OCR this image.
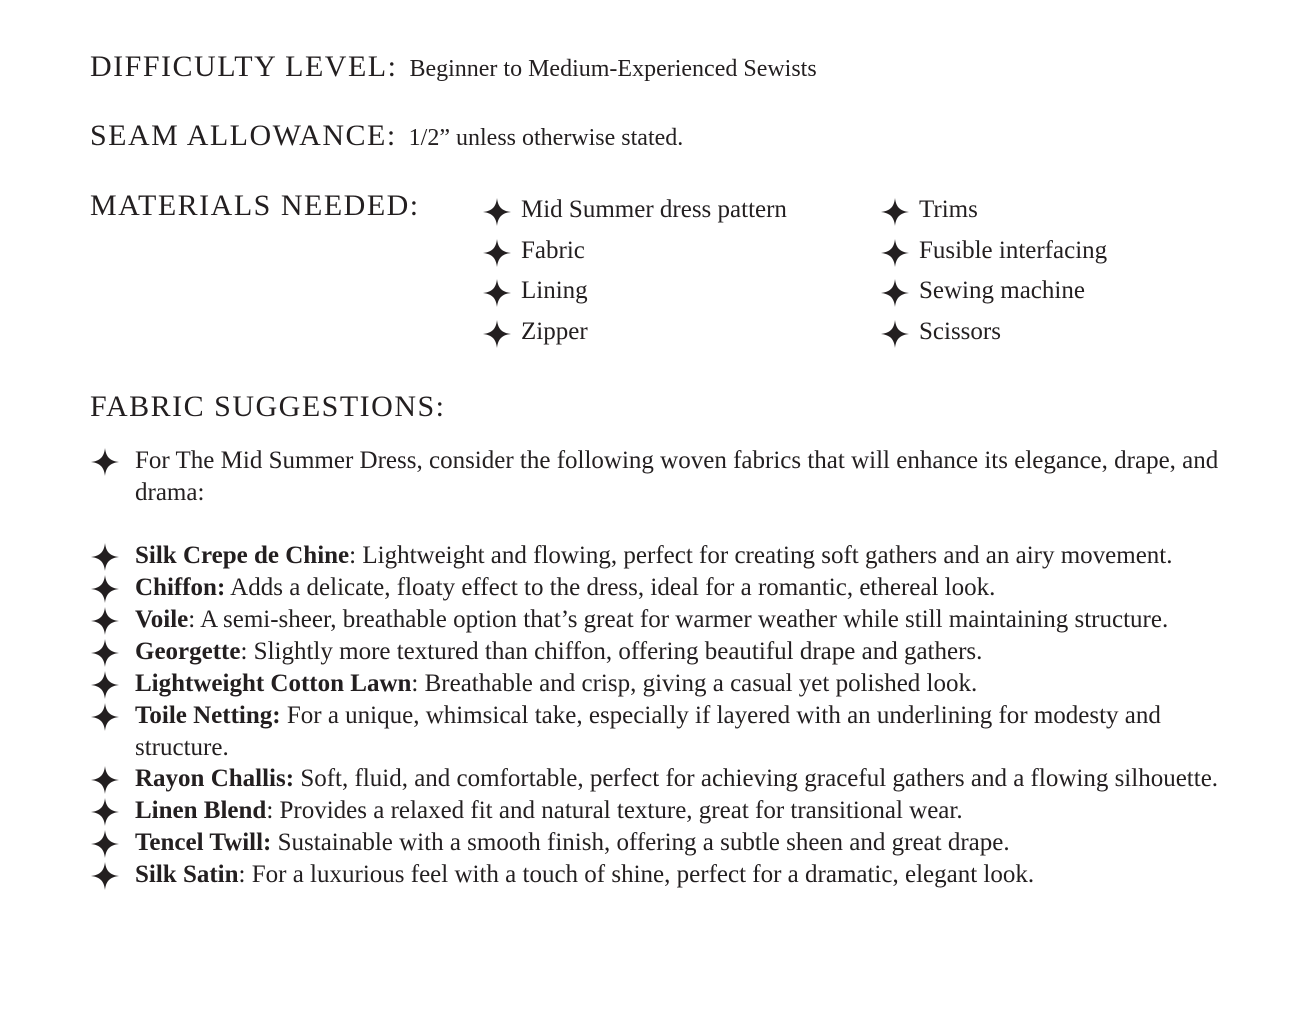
DIFFICULTY LEVEL: Beginner to Medium-Experienced Sewists
SEAM ALLOWANCE: 1/2” unless otherwise stated.
MATERIALS NEEDED:	Mid Summer dress pattern
Fabric
Lining
Zipper
Trims
Fusible interfacing
Sewing machine
Scissors
FABRIC SUGGESTIONS:
For The Mid Summer Dress, consider the following woven fabrics that will enhance its elegance, drape, and drama:
Silk Crepe de Chine: Lightweight and flowing, perfect for creating soft gathers and an airy movement.
Chiffon: Adds a delicate, floaty effect to the dress, ideal for a romantic, ethereal look.
Voile: A semi-sheer, breathable option that’s great for warmer weather while still maintaining structure.
Georgette: Slightly more textured than chiffon, offering beautiful drape and gathers.
Lightweight Cotton Lawn: Breathable and crisp, giving a casual yet polished look.
Toile Netting: For a unique, whimsical take, especially if layered with an underlining for modesty and structure.
Rayon Challis: Soft, fluid, and comfortable, perfect for achieving graceful gathers and a flowing silhouette.
Linen Blend: Provides a relaxed fit and natural texture, great for transitional wear.
Tencel Twill: Sustainable with a smooth finish, offering a subtle sheen and great drape.
Silk Satin: For a luxurious feel with a touch of shine, perfect for a dramatic, elegant look.
